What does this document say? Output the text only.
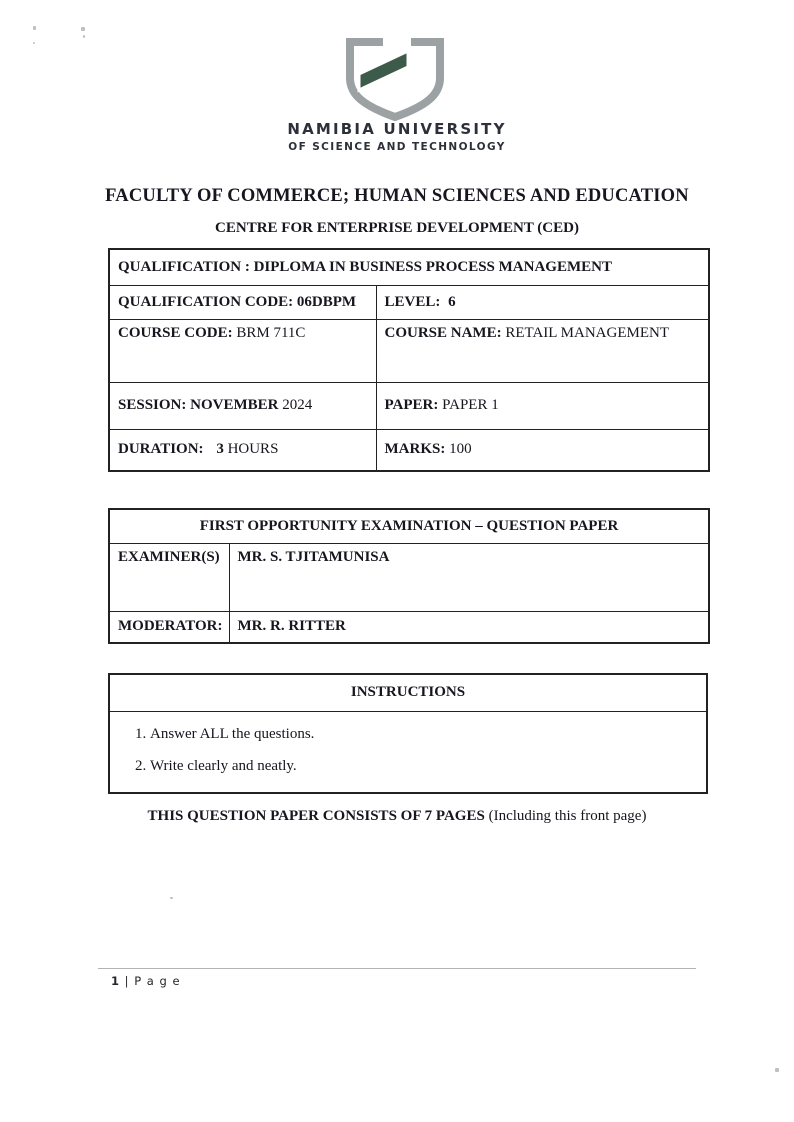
NAMIBIA UNIVERSITY
OF SCIENCE AND TECHNOLOGY
FACULTY OF COMMERCE; HUMAN SCIENCES AND EDUCATION
CENTRE FOR ENTERPRISE DEVELOPMENT (CED)
QUALIFICATION : DIPLOMA IN BUSINESS PROCESS MANAGEMENT	
QUALIFICATION CODE: 06DBPM	LEVEL: 6
COURSE CODE: BRM 711C	COURSE NAME: RETAIL MANAGEMENT
SESSION: NOVEMBER 2024	PAPER: PAPER 1
DURATION: 3 HOURS	MARKS: 100
FIRST OPPORTUNITY EXAMINATION – QUESTION PAPER	
EXAMINER(S)	MR. S. TJITAMUNISA
MODERATOR:	MR. R. RITTER
INSTRUCTIONS

1. Answer ALL the questions.
2. Write clearly and neatly.
THIS QUESTION PAPER CONSISTS OF 7 PAGES (Including this front page)
1 | P a g e
